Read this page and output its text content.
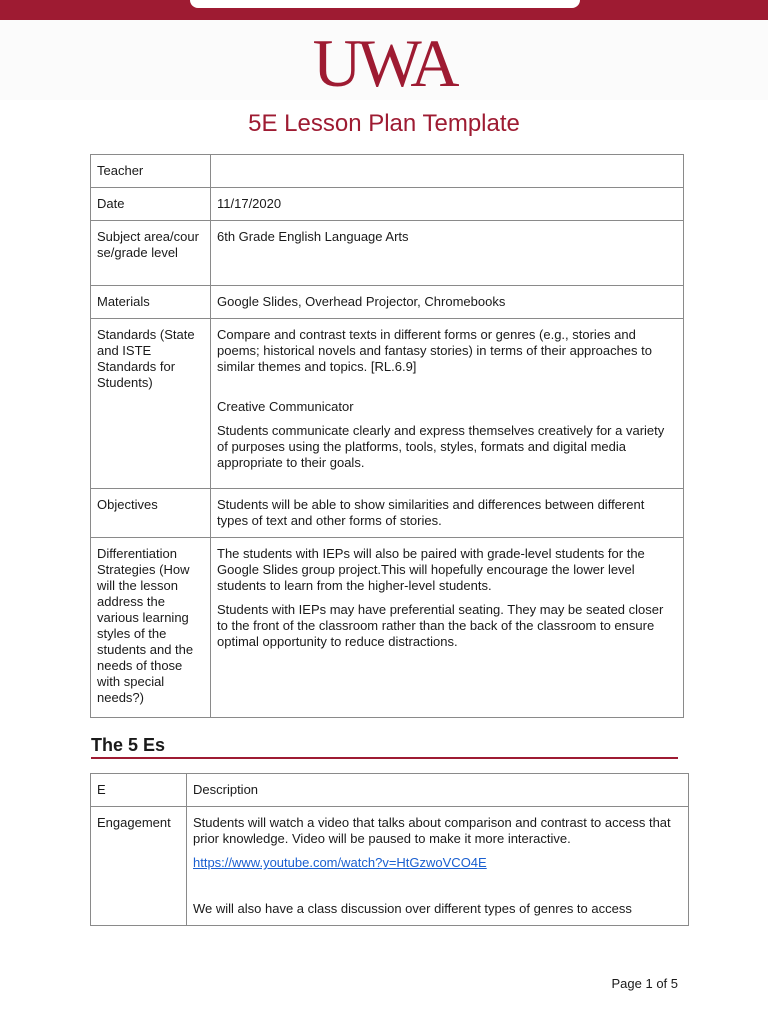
UWA
5E Lesson Plan Template
Teacher	
Date	11/17/2020
Subject area/course/grade level	6th Grade English Language Arts
Materials	Google Slides, Overhead Projector, Chromebooks
Standards (State and ISTE Standards for Students)	Compare and contrast texts in different forms or genres (e.g., stories and poems; historical novels and fantasy stories) in terms of their approaches to similar themes and topics. [RL.6.9]

Creative Communicator

Students communicate clearly and express themselves creatively for a variety of purposes using the platforms, tools, styles, formats and digital media appropriate to their goals.

Objectives	Students will be able to show similarities and differences between different types of text and other forms of stories.
Differentiation Strategies (How will the lesson address the various learning styles of the students and the needs of those with special needs?)	The students with IEPs will also be paired with grade-level students for the Google Slides group project.This will hopefully encourage the lower level students to learn from the higher-level students.

Students with IEPs may have preferential seating. They may be seated closer to the front of the classroom rather than the back of the classroom to ensure optimal opportunity to reduce distractions.

The 5 Es
E	Description
Engagement	Students will watch a video that talks about comparison and contrast to access that prior knowledge. Video will be paused to make it more interactive.

https://www.youtube.com/watch?v=HtGzwoVCO4E

We will also have a class discussion over different types of genres to access

Page 1 of 5
